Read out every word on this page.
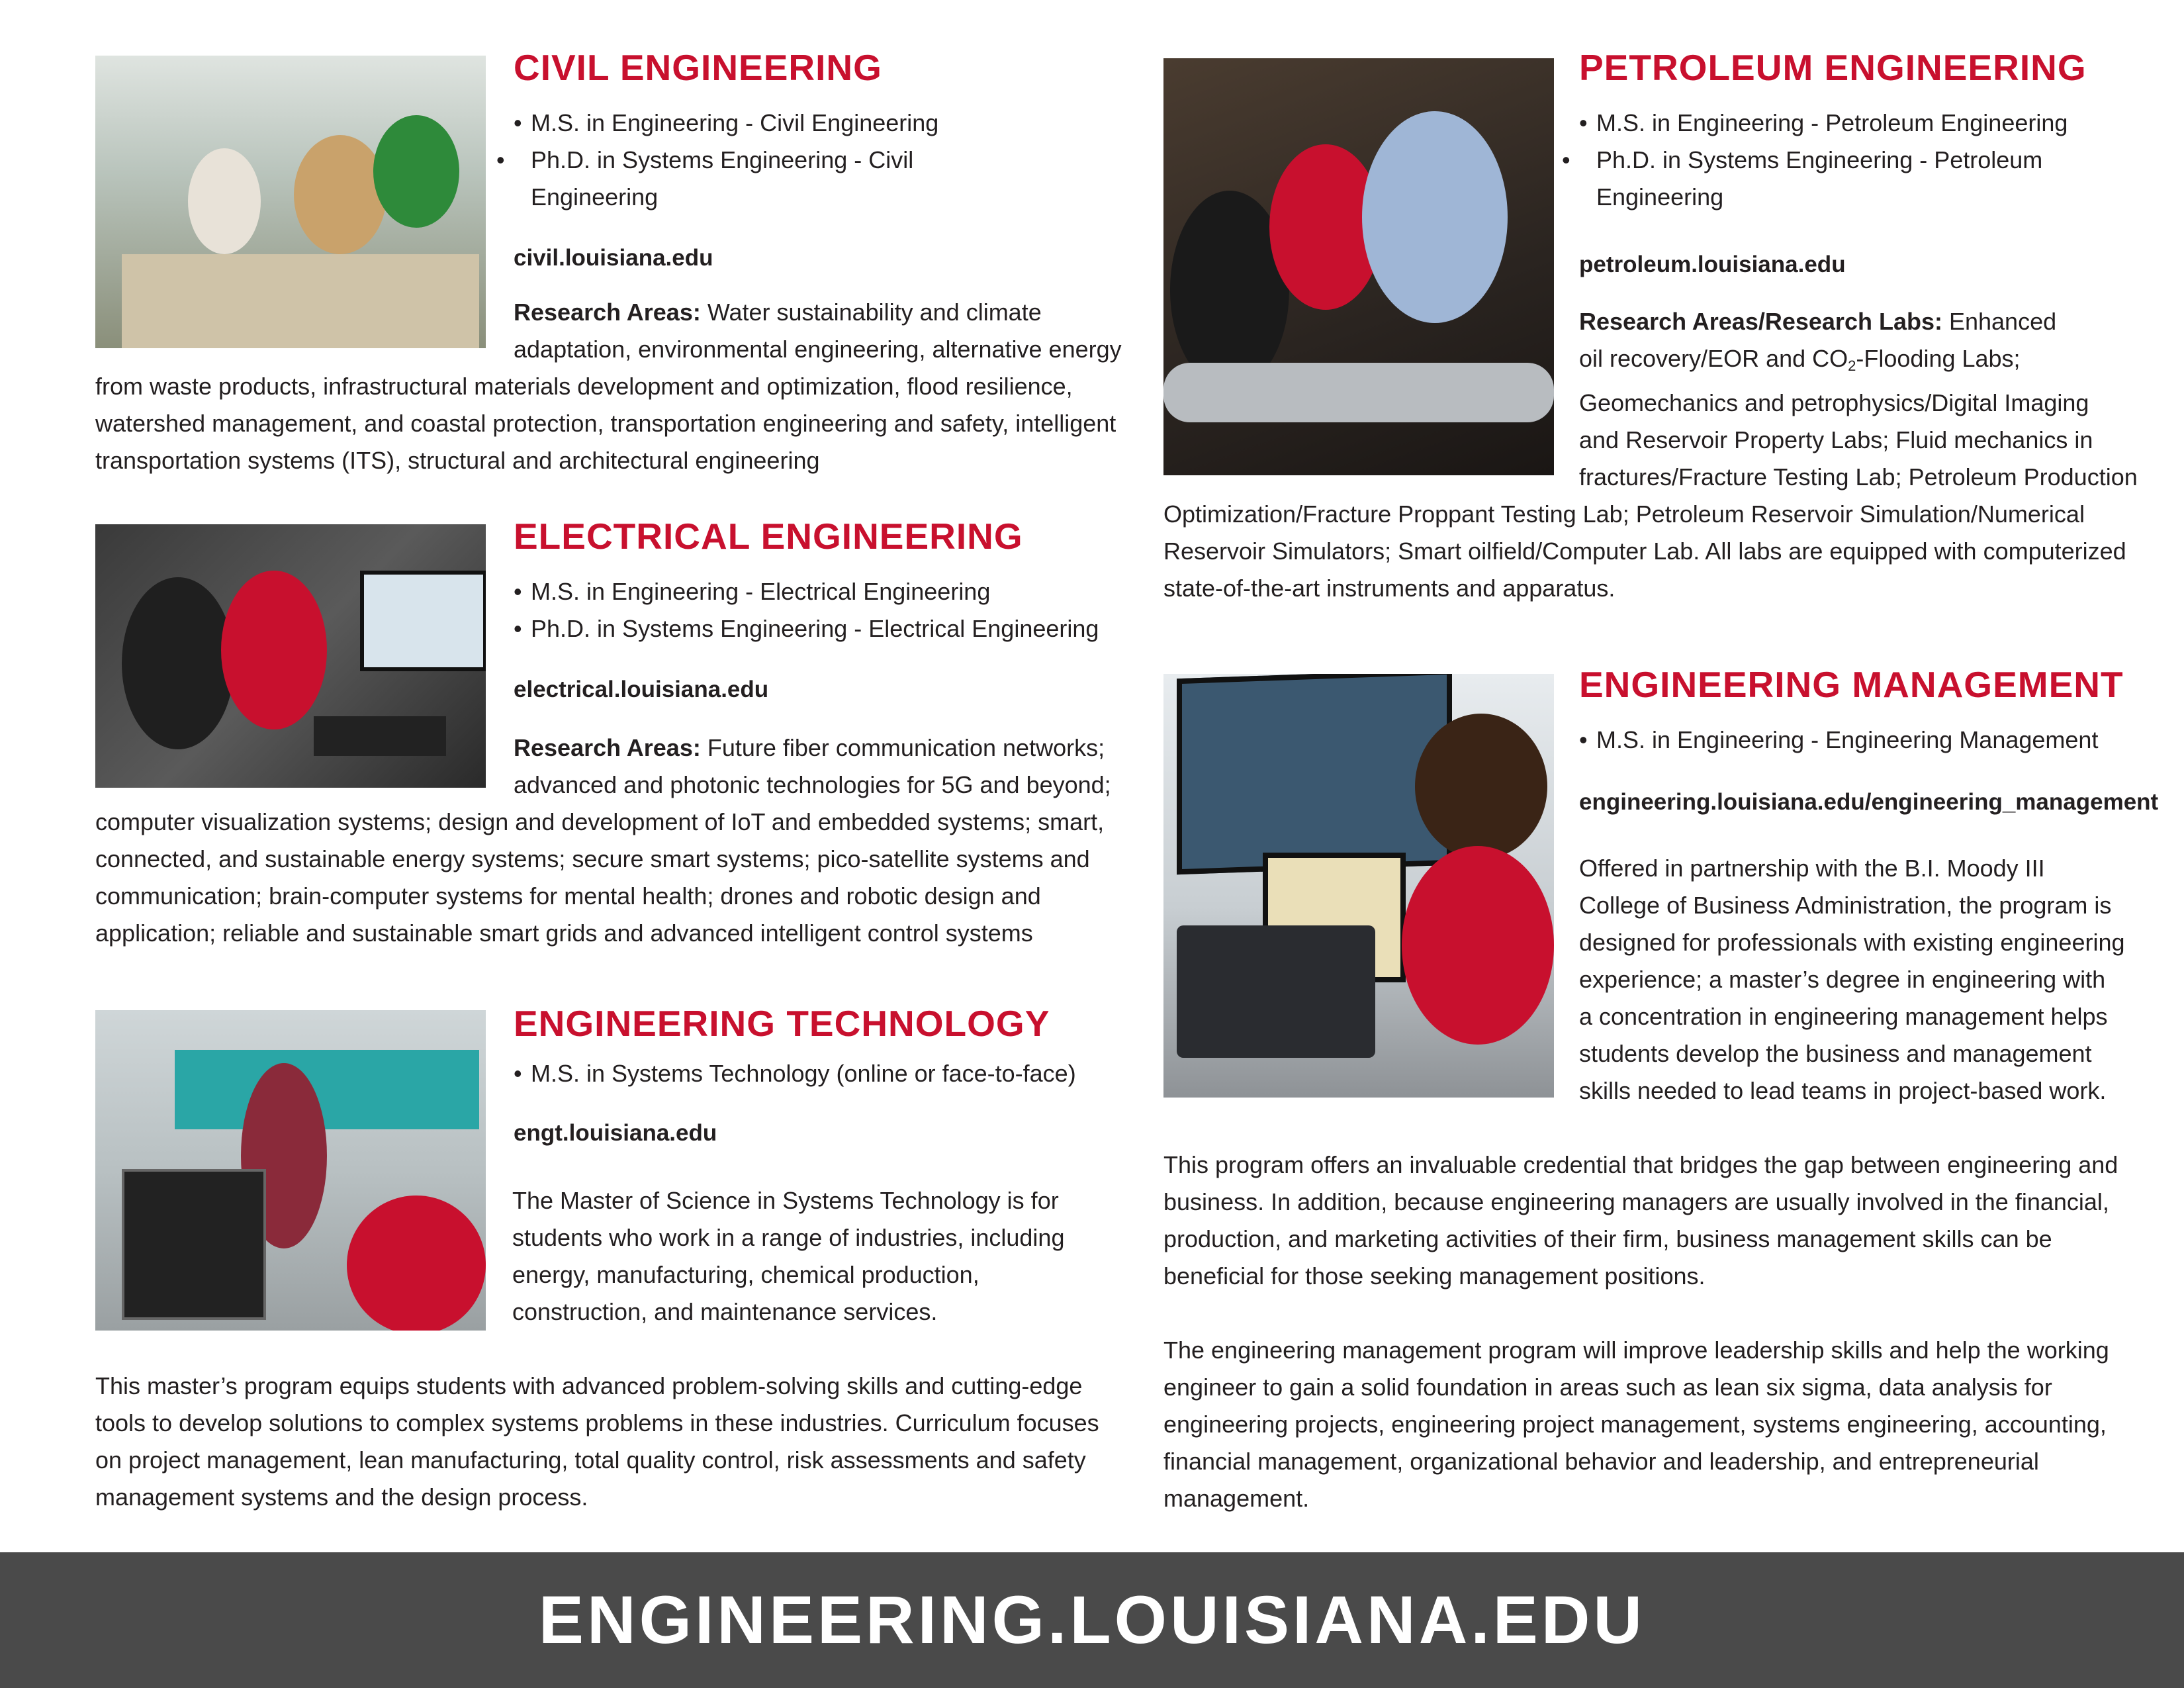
CIVIL ENGINEERING
• M.S. in Engineering - Civil Engineering
• Ph.D. in Systems Engineering - Civil Engineering
civil.louisiana.edu
Research Areas: Water sustainability and climate
adaptation, environmental engineering, alternative energy
from waste products, infrastructural materials development and optimization, flood resilience,
watershed management, and coastal protection, transportation engineering and safety, intelligent
transportation systems (ITS), structural and architectural engineering
ELECTRICAL ENGINEERING
• M.S. in Engineering - Electrical Engineering
• Ph.D. in Systems Engineering - Electrical Engineering
electrical.louisiana.edu
Research Areas: Future fiber communication networks;
advanced and photonic technologies for 5G and beyond;
computer visualization systems; design and development of IoT and embedded systems; smart,
connected, and sustainable energy systems; secure smart systems; pico-satellite systems and
communication; brain-computer systems for mental health; drones and robotic design and
application; reliable and sustainable smart grids and advanced intelligent control systems
ENGINEERING TECHNOLOGY
• M.S. in Systems Technology (online or face-to-face)
engt.louisiana.edu
The Master of Science in Systems Technology is for
students who work in a range of industries, including
energy, manufacturing, chemical production,
construction, and maintenance services.
This master’s program equips students with advanced problem-solving skills and cutting-edge
tools to develop solutions to complex systems problems in these industries. Curriculum focuses
on project management, lean manufacturing, total quality control, risk assessments and safety
management systems and the design process.
PETROLEUM ENGINEERING
• M.S. in Engineering - Petroleum Engineering
• Ph.D. in Systems Engineering - Petroleum Engineering
petroleum.louisiana.edu
Research Areas/Research Labs: Enhanced
oil recovery/EOR and $CO_2$-Flooding Labs;
Geomechanics and petrophysics/Digital Imaging
and Reservoir Property Labs; Fluid mechanics in
fractures/Fracture Testing Lab; Petroleum Production
Optimization/Fracture Proppant Testing Lab; Petroleum Reservoir Simulation/Numerical
Reservoir Simulators; Smart oilfield/Computer Lab. All labs are equipped with computerized
state-of-the-art instruments and apparatus.
ENGINEERING MANAGEMENT
• M.S. in Engineering - Engineering Management
engineering.louisiana.edu/engineering_management
Offered in partnership with the B.I. Moody III
College of Business Administration, the program is
designed for professionals with existing engineering
experience; a master’s degree in engineering with
a concentration in engineering management helps
students develop the business and management
skills needed to lead teams in project-based work.
This program offers an invaluable credential that bridges the gap between engineering and
business. In addition, because engineering managers are usually involved in the financial,
production, and marketing activities of their firm, business management skills can be
beneficial for those seeking management positions.
The engineering management program will improve leadership skills and help the working
engineer to gain a solid foundation in areas such as lean six sigma, data analysis for
engineering projects, engineering project management, systems engineering, accounting,
financial management, organizational behavior and leadership, and entrepreneurial
management.
ENGINEERING.LOUISIANA.EDU
